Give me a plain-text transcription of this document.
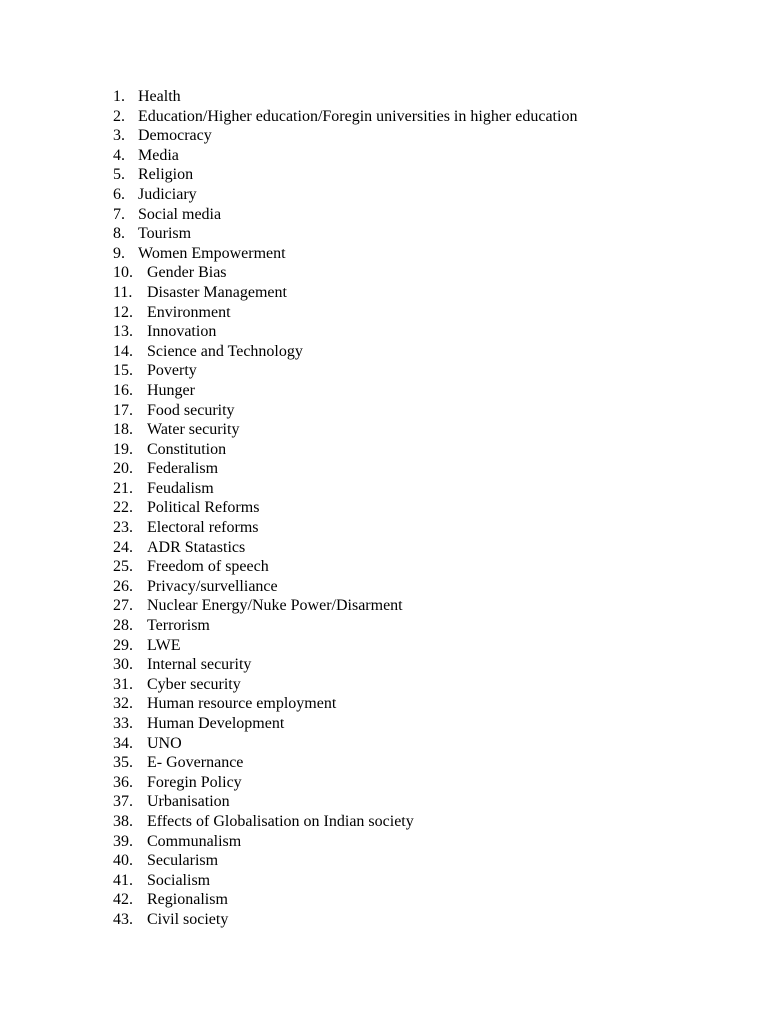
1. Health
2. Education/Higher education/Foregin universities in higher education
3. Democracy
4. Media
5. Religion
6. Judiciary
7. Social media
8. Tourism
9. Women Empowerment
10. Gender Bias
11. Disaster Management
12. Environment
13. Innovation
14. Science and Technology
15. Poverty
16. Hunger
17. Food security
18. Water security
19. Constitution
20. Federalism
21. Feudalism
22. Political Reforms
23. Electoral reforms
24. ADR Statastics
25. Freedom of speech
26. Privacy/survelliance
27. Nuclear Energy/Nuke Power/Disarment
28. Terrorism
29. LWE
30. Internal security
31. Cyber security
32. Human resource employment
33. Human Development
34. UNO
35. E- Governance
36. Foregin Policy
37. Urbanisation
38. Effects of Globalisation on Indian society
39. Communalism
40. Secularism
41. Socialism
42. Regionalism
43. Civil society
